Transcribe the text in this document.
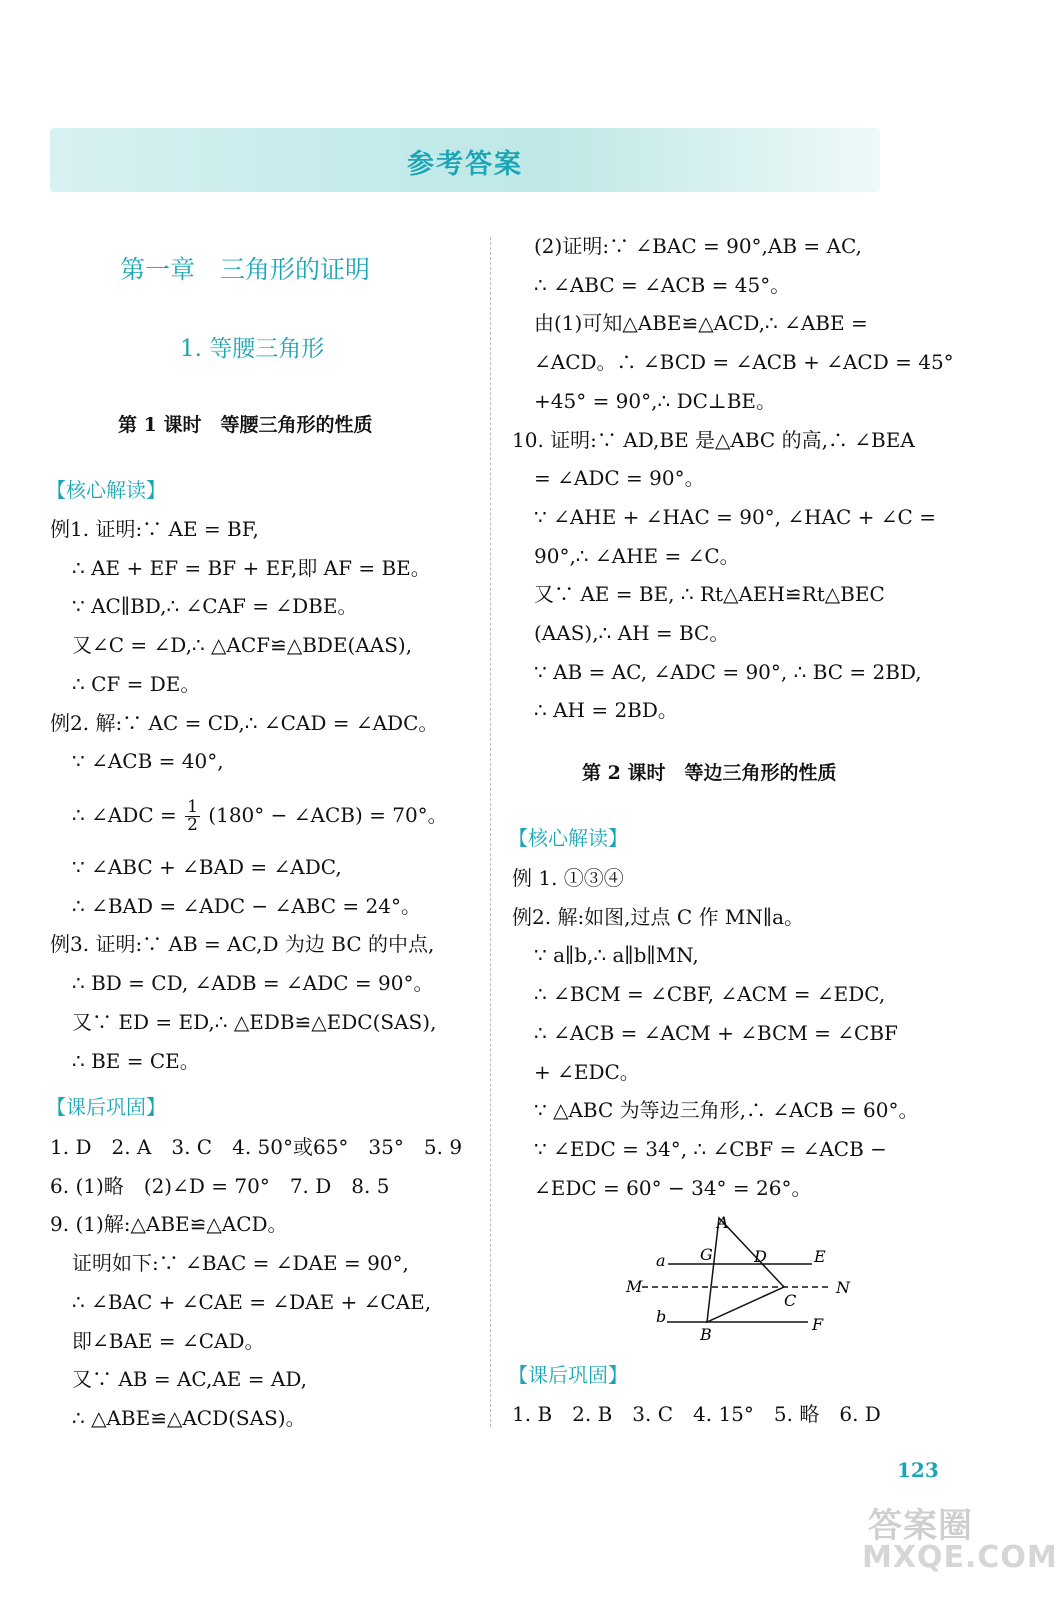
参考答案
第一章　三角形的证明
1. 等腰三角形
第 1 课时　等腰三角形的性质
【核心解读】
例1. 证明:∵ AE = BF,
∴ AE + EF = BF + EF,即 AF = BE。
∵ AC∥BD,∴ ∠CAF = ∠DBE。
又∠C = ∠D,∴ △ACF≌△BDE(AAS),
∴ CF = DE。
例2. 解:∵ AC = CD,∴ ∠CAD = ∠ADC。
∵ ∠ACB = 40°,
∴ ∠ADC = $\frac{1}{2} (180^\circ$ − ∠ACB) = 70°。
∵ ∠ABC + ∠BAD = ∠ADC,
∴ ∠BAD = ∠ADC − ∠ABC = 24°。
例3. 证明:∵ AB = AC,D 为边 BC 的中点,
∴ BD = CD, ∠ADB = ∠ADC = 90°。
又∵ ED = ED,∴ △EDB≌△EDC(SAS),
∴ BE = CE。
【课后巩固】
1. D　2. A　3. C　4. 50°或65°　35°　5. 9
6. (1)略　(2)∠D = 70°　7. D　8. 5
9. (1)解:△ABE≌△ACD。
证明如下:∵ ∠BAC = ∠DAE = 90°,
∴ ∠BAC + ∠CAE = ∠DAE + ∠CAE,
即∠BAE = ∠CAD。
又∵ AB = AC,AE = AD,
∴ △ABE≌△ACD(SAS)。
(2)证明:∵ ∠BAC = 90°,AB = AC,
∴ ∠ABC = ∠ACB = 45°。
由(1)可知△ABE≌△ACD,∴ ∠ABE =
∠ACD。∴ ∠BCD = ∠ACB + ∠ACD = 45°
+45° = 90°,∴ DC⊥BE。
10. 证明:∵ AD,BE 是△ABC 的高,∴ ∠BEA
= ∠ADC = 90°。
∵ ∠AHE + ∠HAC = 90°, ∠HAC + ∠C =
90°,∴ ∠AHE = ∠C。
又∵ AE = BE, ∴ Rt△AEH≌Rt△BEC
(AAS),∴ AH = BC。
∵ AB = AC, ∠ADC = 90°, ∴ BC = 2BD,
∴ AH = 2BD。
第 2 课时　等边三角形的性质
【核心解读】
例 1. ①③④
例2. 解:如图,过点 C 作 MN∥a。
∵ a∥b,∴ a∥b∥MN,
∴ ∠BCM = ∠CBF, ∠ACM = ∠EDC,
∴ ∠ACB = ∠ACM + ∠BCM = ∠CBF
+ ∠EDC。
∵ △ABC 为等边三角形,∴ ∠ACB = 60°。
∵ ∠EDC = 34°, ∴ ∠CBF = ∠ACB −
∠EDC = 60° − 34° = 26°。
A
G	D	E
a
M	N
C
b
B
F
【课后巩固】
1. B　2. B　3. C　4. 15°　5. 略　6. D
123
答案圈
MXQE.COM
